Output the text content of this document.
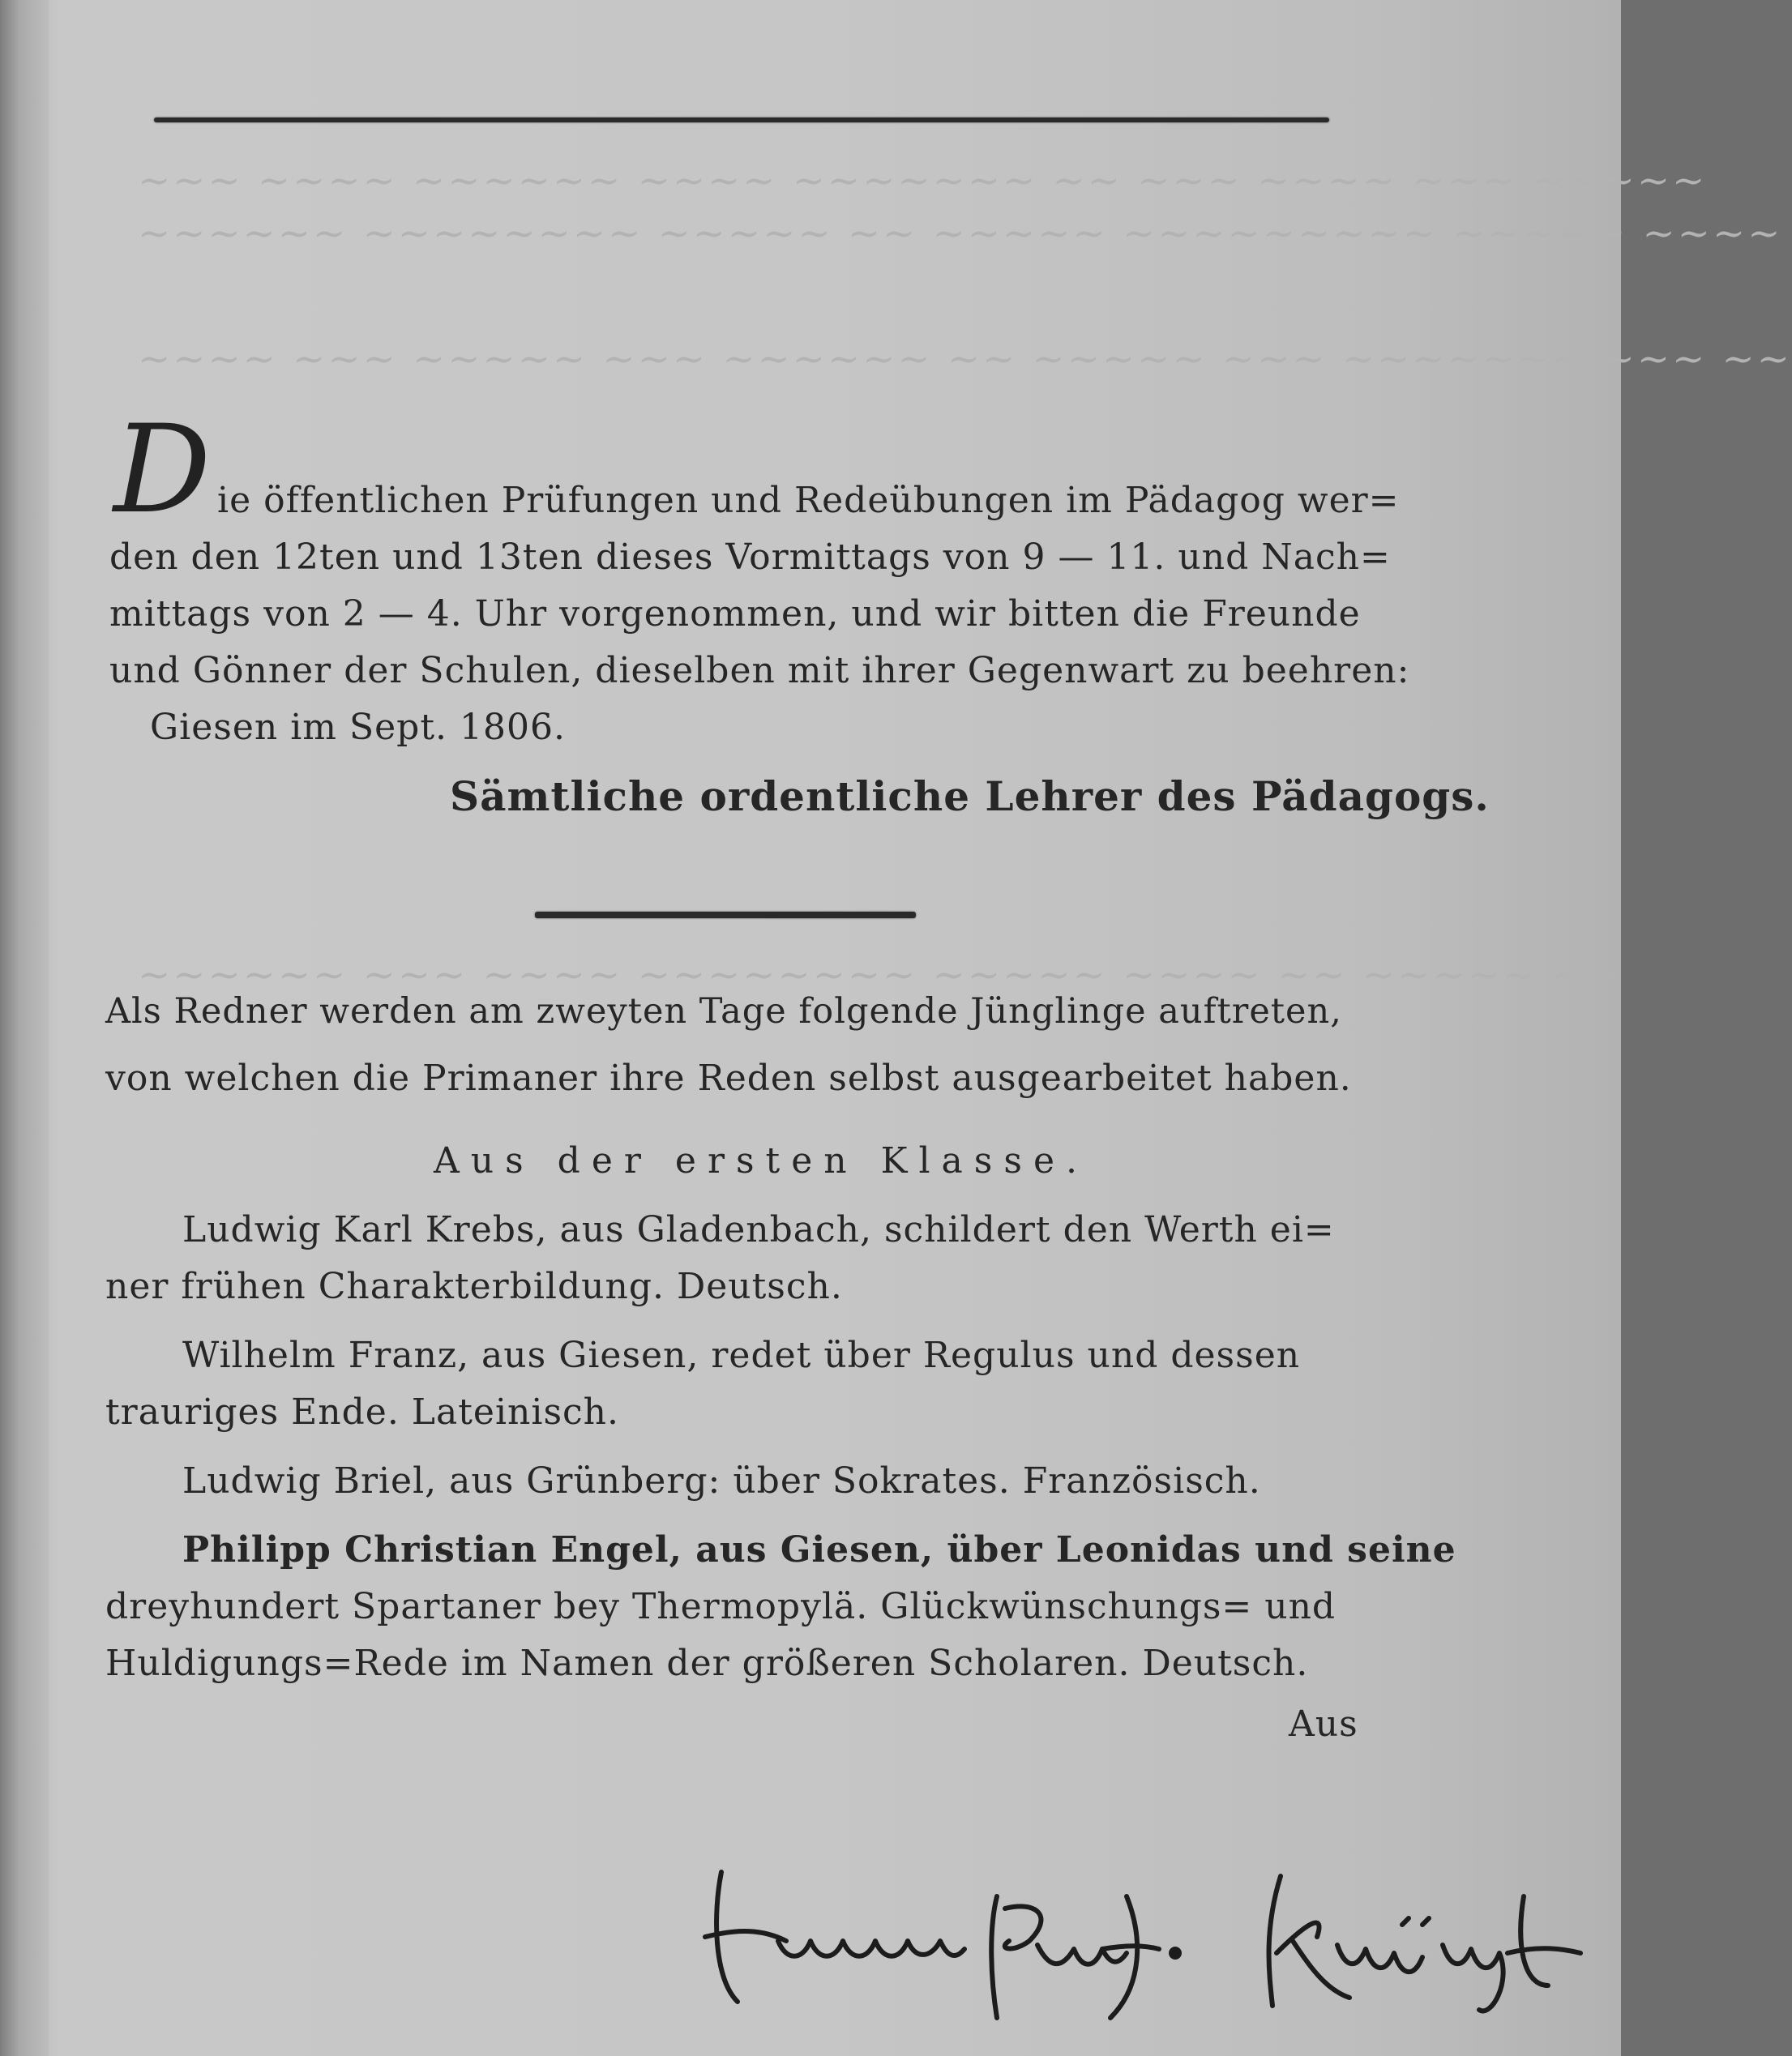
~~~ ~~~~ ~~~~~~ ~~~~ ~~~~~~~ ~~ ~~~ ~~~~ ~~~ ~~~~~
~~~~~~ ~~~~~~~~ ~~~~~ ~~ ~~~~~ ~~~~~~~~~ ~~~~~ ~~~~
~~~~ ~~~ ~~~~~ ~~~ ~~~~~~ ~~ ~~~~~ ~~~ ~~~~~~~ ~~~ ~~
~~~~~~ ~~~ ~~~~ ~~~~~~~~ ~~~~~ ~~~~ ~~ ~~~~~ ~~
D ie öffentlichen Prüfungen und Redeübungen im Pädagog wer=
den den 12ten und 13ten dieses Vormittags von 9 — 11. und Nach=
mittags von 2 — 4. Uhr vorgenommen, und wir bitten die Freunde
und Gönner der Schulen, dieselben mit ihrer Gegenwart zu beehren:
Giesen im Sept. 1806.
Sämtliche ordentliche Lehrer des Pädagogs.
Als Redner werden am zweyten Tage folgende Jünglinge auftreten,
von welchen die Primaner ihre Reden selbst ausgearbeitet haben.
Aus der ersten Klasse.
Ludwig Karl Krebs, aus Gladenbach, schildert den Werth ei=
ner frühen Charakterbildung. Deutsch.
Wilhelm Franz, aus Giesen, redet über Regulus und dessen
trauriges Ende. Lateinisch.
Ludwig Briel, aus Grünberg: über Sokrates. Französisch.
Philipp Christian Engel, aus Giesen, über Leonidas und seine
dreyhundert Spartaner bey Thermopylä. Glückwünschungs= und
Huldigungs=Rede im Namen der größeren Scholaren. Deutsch.
Aus
